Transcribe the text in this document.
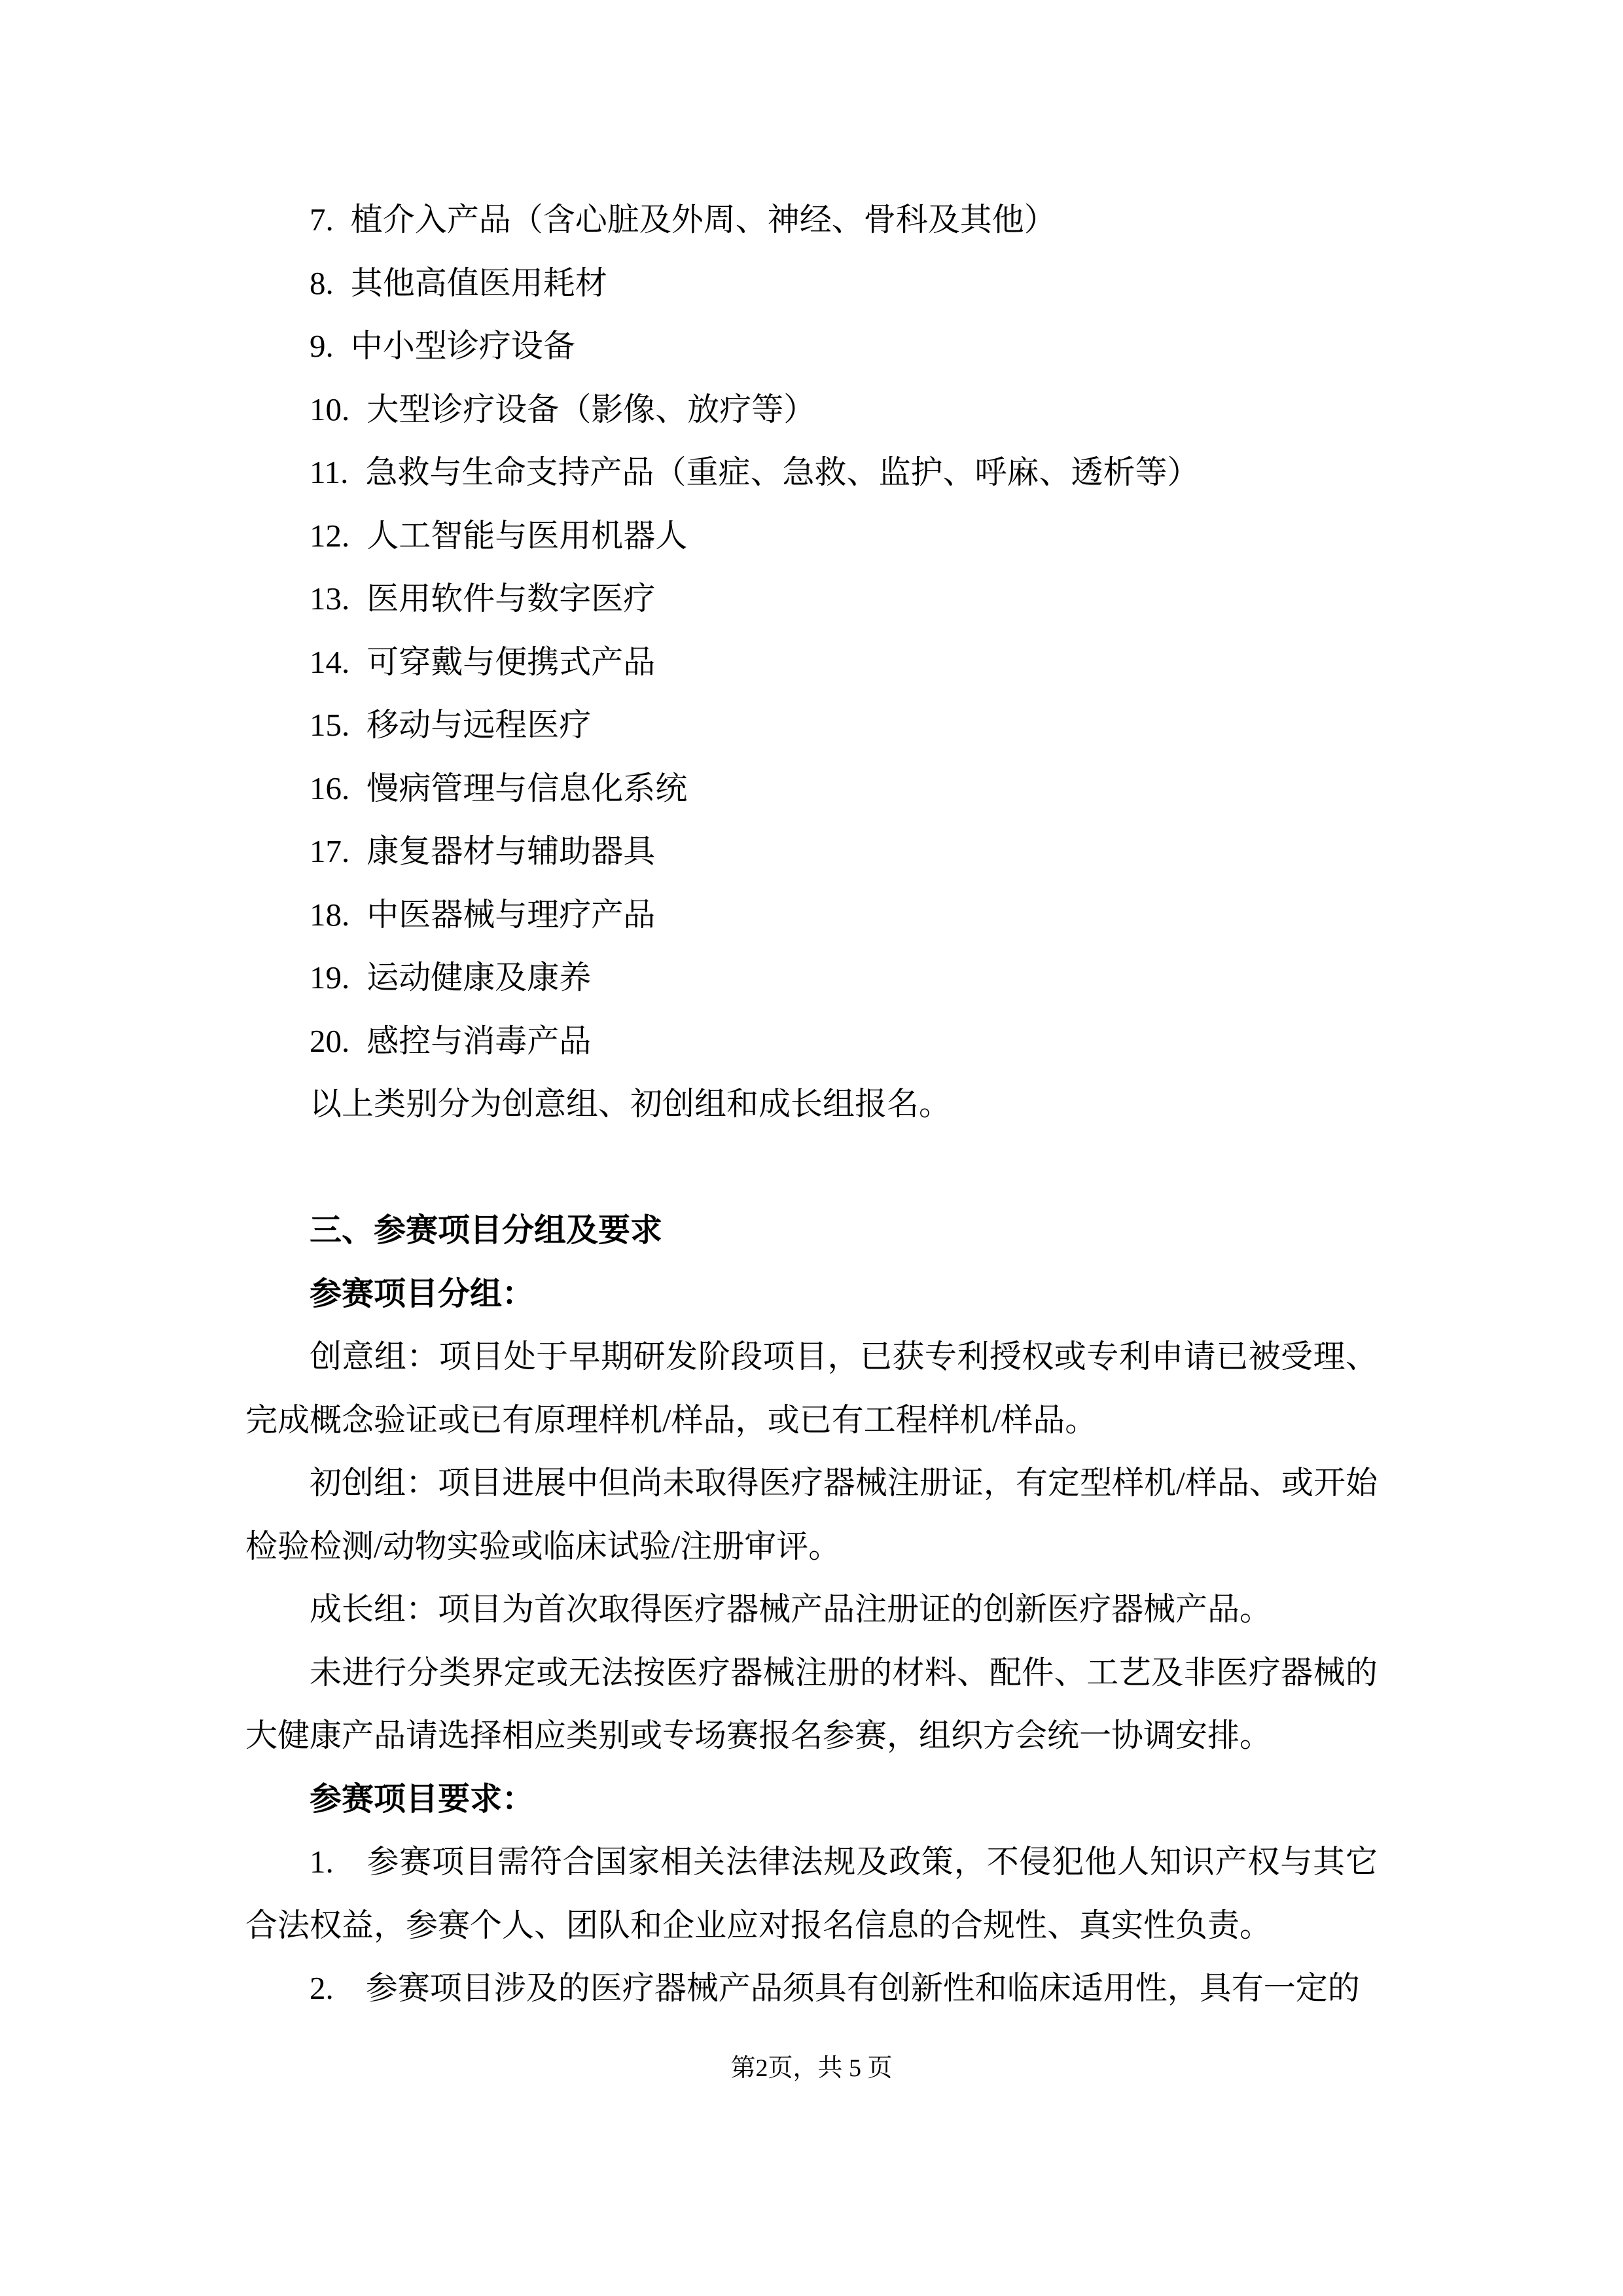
7. 植介入产品（含心脏及外周、神经、骨科及其他）
8. 其他高值医用耗材
9. 中小型诊疗设备
10. 大型诊疗设备（影像、放疗等）
11. 急救与生命支持产品（重症、急救、监护、呼麻、透析等）
12. 人工智能与医用机器人
13. 医用软件与数字医疗
14. 可穿戴与便携式产品
15. 移动与远程医疗
16. 慢病管理与信息化系统
17. 康复器材与辅助器具
18. 中医器械与理疗产品
19. 运动健康及康养
20. 感控与消毒产品

以上类别分为创意组、初创组和成长组报名。

三、参赛项目分组及要求
参赛项目分组：

创意组：项目处于早期研发阶段项目，已获专利授权或专利申请已被受理、完成概念验证或已有原理样机/样品，或已有工程样机/样品。

初创组：项目进展中但尚未取得医疗器械注册证，有定型样机/样品、或开始检验检测/动物实验或临床试验/注册审评。

成长组：项目为首次取得医疗器械产品注册证的创新医疗器械产品。

未进行分类界定或无法按医疗器械注册的材料、配件、工艺及非医疗器械的大健康产品请选择相应类别或专场赛报名参赛，组织方会统一协调安排。

参赛项目要求：

1.　参赛项目需符合国家相关法律法规及政策，不侵犯他人知识产权与其它合法权益，参赛个人、团队和企业应对报名信息的合规性、真实性负责。

2.　参赛项目涉及的医疗器械产品须具有创新性和临床适用性，具有一定的

第2页，共 5 页
